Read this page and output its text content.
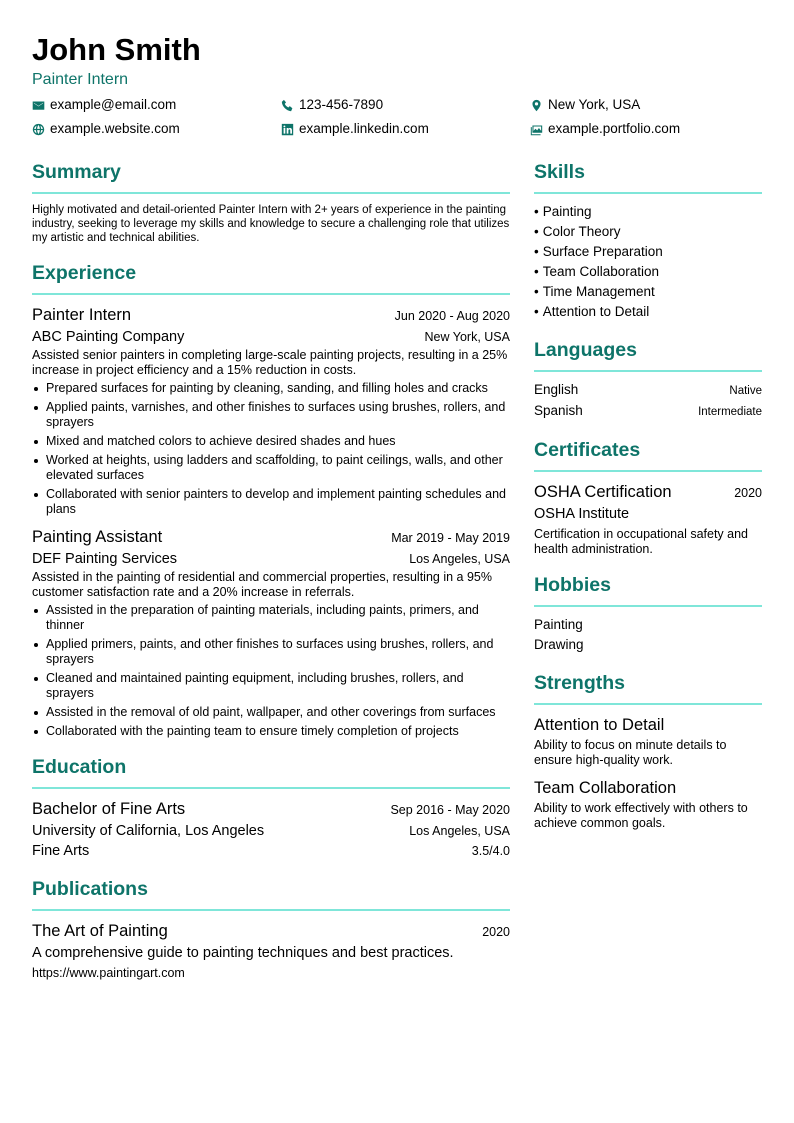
John Smith
Painter Intern
example@email.com	123-456-7890	New York, USA
example.website.com	example.linkedin.com	example.portfolio.com
Summary
Highly motivated and detail-oriented Painter Intern with 2+ years of experience in the painting industry, seeking to leverage my skills and knowledge to secure a challenging role that utilizes my artistic and technical abilities.
Experience
Painter Intern	Jun 2020 - Aug 2020
ABC Painting Company	New York, USA
Assisted senior painters in completing large-scale painting projects, resulting in a 25% increase in project efficiency and a 15% reduction in costs.
Prepared surfaces for painting by cleaning, sanding, and filling holes and cracks
Applied paints, varnishes, and other finishes to surfaces using brushes, rollers, and sprayers
Mixed and matched colors to achieve desired shades and hues
Worked at heights, using ladders and scaffolding, to paint ceilings, walls, and other elevated surfaces
Collaborated with senior painters to develop and implement painting schedules and plans
Painting Assistant	Mar 2019 - May 2019
DEF Painting Services	Los Angeles, USA
Assisted in the painting of residential and commercial properties, resulting in a 95% customer satisfaction rate and a 20% increase in referrals.
Assisted in the preparation of painting materials, including paints, primers, and thinner
Applied primers, paints, and other finishes to surfaces using brushes, rollers, and sprayers
Cleaned and maintained painting equipment, including brushes, rollers, and sprayers
Assisted in the removal of old paint, wallpaper, and other coverings from surfaces
Collaborated with the painting team to ensure timely completion of projects
Education
Bachelor of Fine Arts	Sep 2016 - May 2020
University of California, Los Angeles	Los Angeles, USA
Fine Arts	3.5/4.0
Publications
The Art of Painting	2020
A comprehensive guide to painting techniques and best practices.
https://www.paintingart.com
Skills
• Painting
• Color Theory
• Surface Preparation
• Team Collaboration
• Time Management
• Attention to Detail
Languages
English	Native
Spanish	Intermediate
Certificates
OSHA Certification	2020
OSHA Institute
Certification in occupational safety and health administration.
Hobbies
Painting
Drawing
Strengths
Attention to Detail
Ability to focus on minute details to ensure high-quality work.
Team Collaboration
Ability to work effectively with others to achieve common goals.
